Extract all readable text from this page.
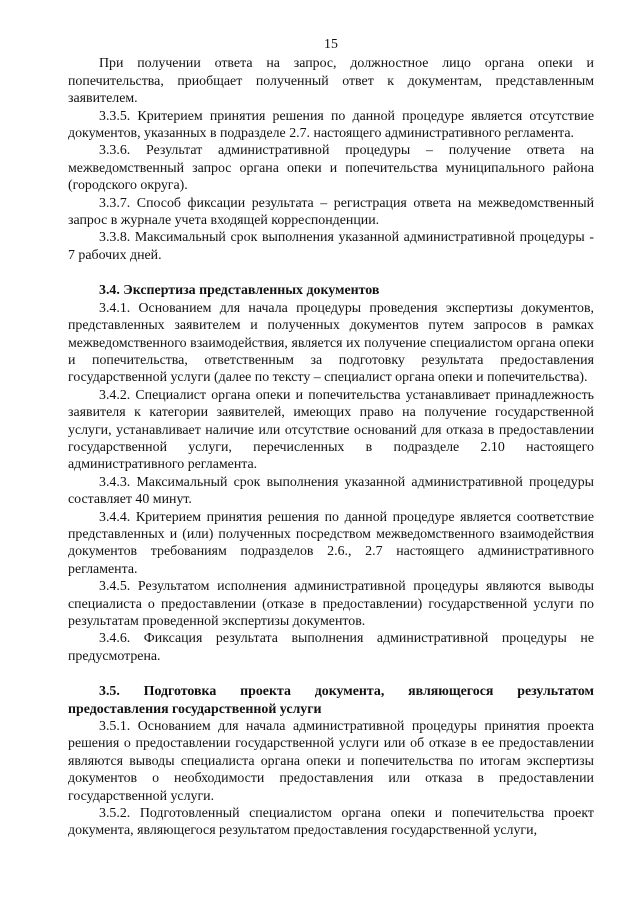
15

При получении ответа на запрос, должностное лицо органа опеки и попечительства, приобщает полученный ответ к документам, представленным заявителем.

3.3.5. Критерием принятия решения по данной процедуре является отсутствие документов, указанных в подразделе 2.7. настоящего административного регламента.

3.3.6. Результат административной процедуры – получение ответа на межведомственный запрос органа опеки и попечительства муниципального района (городского округа).

3.3.7. Способ фиксации результата – регистрация ответа на межведомственный запрос в журнале учета входящей корреспонденции.

3.3.8. Максимальный срок выполнения указанной административной процедуры - 7 рабочих дней.

3.4. Экспертиза представленных документов

3.4.1. Основанием для начала процедуры проведения экспертизы документов, представленных заявителем и полученных документов путем запросов в рамках межведомственного взаимодействия, является их получение специалистом органа опеки и попечительства, ответственным за подготовку результата предоставления государственной услуги (далее по тексту – специалист органа опеки и попечительства).

3.4.2. Специалист органа опеки и попечительства устанавливает принадлежность заявителя к категории заявителей, имеющих право на получение государственной услуги, устанавливает наличие или отсутствие оснований для отказа в предоставлении государственной услуги, перечисленных в подразделе 2.10 настоящего административного регламента.

3.4.3. Максимальный срок выполнения указанной административной процедуры составляет 40 минут.

3.4.4. Критерием принятия решения по данной процедуре является соответствие представленных и (или) полученных посредством межведомственного взаимодействия документов требованиям подразделов 2.6., 2.7 настоящего административного регламента.

3.4.5. Результатом исполнения административной процедуры являются выводы специалиста о предоставлении (отказе в предоставлении) государственной услуги по результатам проведенной экспертизы документов.

3.4.6. Фиксация результата выполнения административной процедуры не предусмотрена.

3.5. Подготовка проекта документа, являющегося результатом предоставления государственной услуги

3.5.1. Основанием для начала административной процедуры принятия проекта решения о предоставлении государственной услуги или об отказе в ее предоставлении являются выводы специалиста органа опеки и попечительства по итогам экспертизы документов о необходимости предоставления или отказа в предоставлении государственной услуги.

3.5.2. Подготовленный специалистом органа опеки и попечительства проект документа, являющегося результатом предоставления государственной услуги,
